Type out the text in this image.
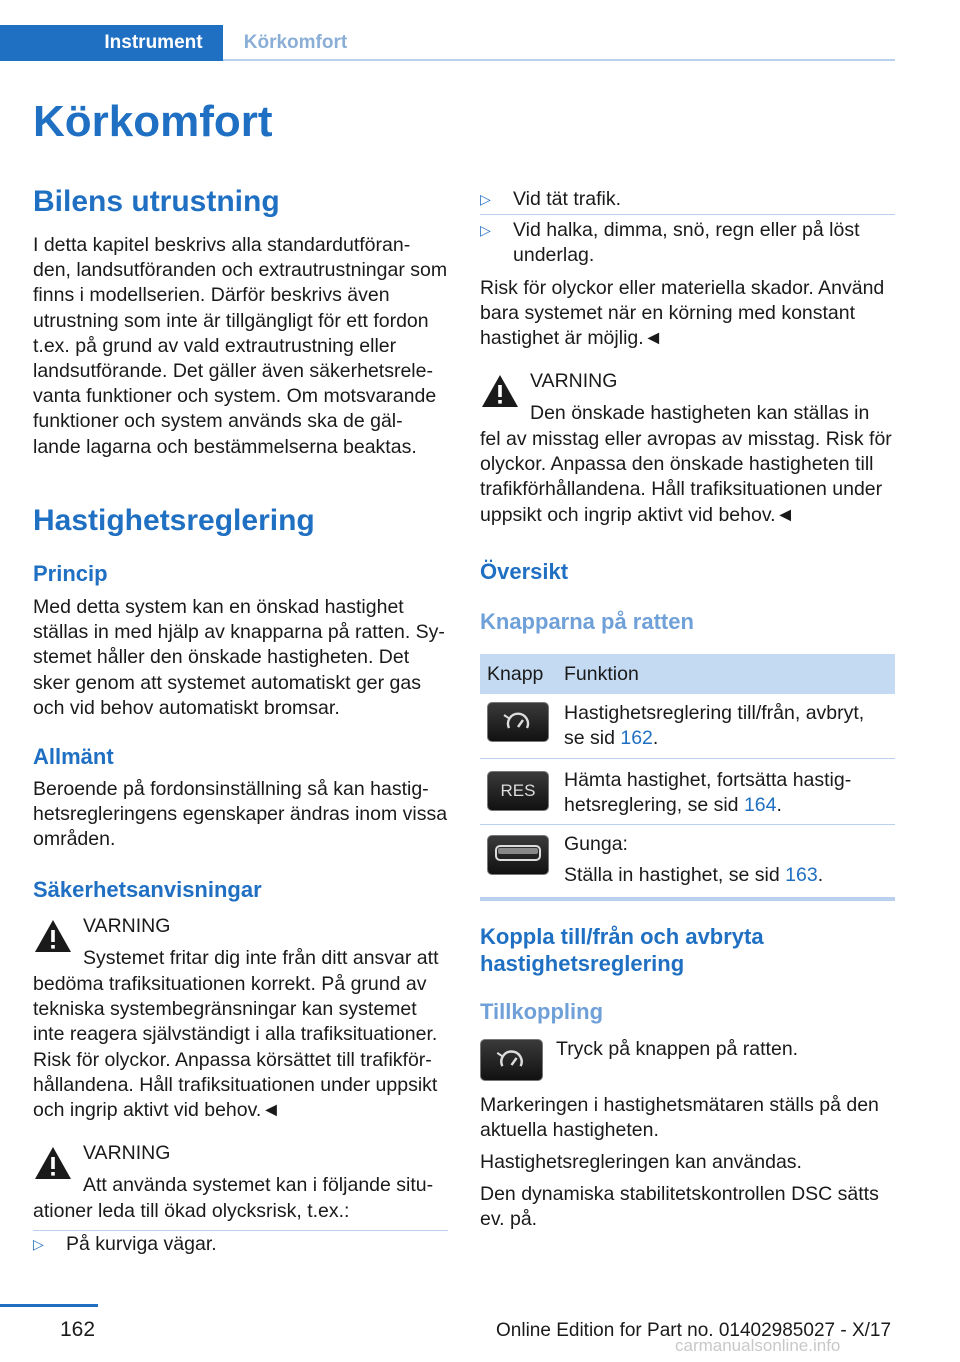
Instrument	Körkomfort
Körkomfort
Bilens utrustning

I detta kapitel beskrivs alla standardutföran-den, landsutföranden och extrautrustningar som finns i modellserien. Därför beskrivs även utrustning som inte är tillgängligt för ett fordon t.ex. på grund av vald extrautrustning eller landsutförande. Det gäller även säkerhetsrele-vanta funktioner och system. Om motsvarande funktioner och system används ska de gäl-lande lagarna och bestämmelserna beaktas.

Hastighetsreglering
Princip

Med detta system kan en önskad hastighet ställas in med hjälp av knapparna på ratten. Sy-stemet håller den önskade hastigheten. Det sker genom att systemet automatiskt ger gas och vid behov automatiskt bromsar.

Allmänt

Beroende på fordonsinställning så kan hastig-hetsregleringens egenskaper ändras inom vissa områden.

Säkerhetsanvisningar

VARNING

Systemet fritar dig inte från ditt ansvar att

bedöma trafiksituationen korrekt. På grund av tekniska systembegränsningar kan systemet inte reagera självständigt i alla trafiksituationer. Risk för olyckor. Anpassa körsättet till trafikför-hållandena. Håll trafiksituationen under uppsikt och ingrip aktivt vid behov.◄

VARNING

Att använda systemet kan i följande situ-

ationer leda till ökad olycksrisk, t.ex.:

▷ På kurviga vägar.
▷ Vid tät trafik.
▷ Vid halka, dimma, snö, regn eller på löst underlag.

Risk för olyckor eller materiella skador. Använd bara systemet när en körning med konstant hastighet är möjlig.◄

VARNING

Den önskade hastigheten kan ställas in

fel av misstag eller avropas av misstag. Risk för olyckor. Anpassa den önskade hastigheten till trafikförhållandena. Håll trafiksituationen under uppsikt och ingrip aktivt vid behov.◄

Översikt
Knapparna på ratten
Knapp Funktion
Hastighetsreglering till/från, avbryt, se sid 162.
RES	Hämta hastighet, fortsätta hastig-hetsreglering, se sid 164.
Gunga:
Ställa in hastighet, se sid 163.
Koppla till/från och avbryta hastighetsreglering
Tillkoppling

Tryck på knappen på ratten.

Markeringen i hastighetsmätaren ställs på den aktuella hastigheten.

Hastighetsregleringen kan användas.

Den dynamiska stabilitetskontrollen DSC sätts ev. på.

162	Online Edition for Part no. 01402985027 - X/17
carmanualsonline.info
